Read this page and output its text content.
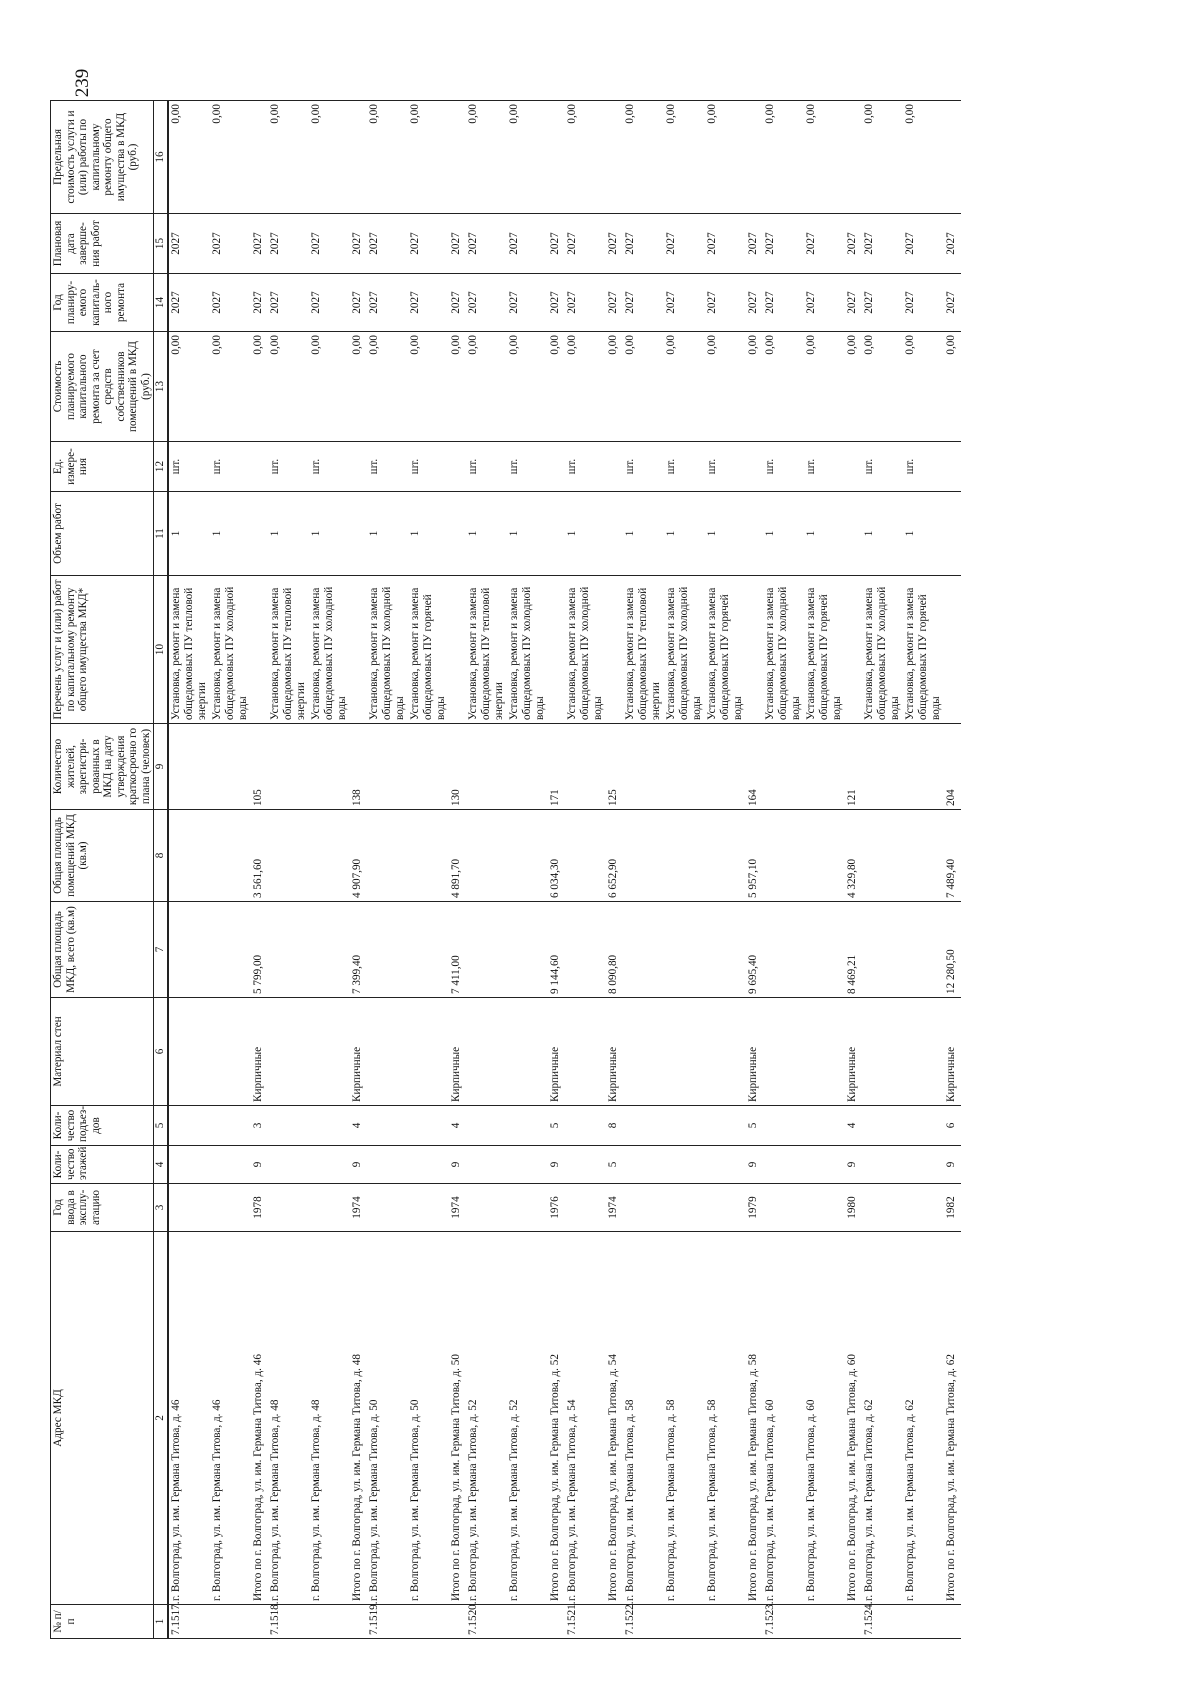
239
№ п/п	Адрес МКД	Год ввода в эксплу-атацию	Коли-чество этажей	Коли-чество подъез-дов	Материал стен	Общая площадь МКД, всего (кв.м)	Общая площадь помещений МКД (кв.м)	Количество жителей, зарегистри-рованных в МКД на дату утверждения краткосрочно го плана (человек)	Перечень услуг и (или) работ по капитальному ремонту общего имущества МКД*	Объем работ	Ед. измере-ния	Стоимость планируемого капитального ремонта за счет средств собственников помещений в МКД (руб.)	Год планиру-емого капиталь-ного ремонта	Плановая дата заверше-ния работ	Предельная стоимость услуги и (или) работы по капитальному ремонту общего имущества в МКД (руб.)
1	2	3	4	5	6	7	8	9	10	11	12	13	14	15	16
7.1517.	г. Волгоград, ул. им. Германа Титова, д. 46								Установка, ремонт и замена общедомовых ПУ тепловой энергии	1	шт.	0,00	2027	2027	0,00
	г. Волгоград, ул. им. Германа Титова, д. 46								Установка, ремонт и замена общедомовых ПУ холодной воды	1	шт.	0,00	2027	2027	0,00
	Итого по г. Волгоград, ул. им. Германа Титова, д. 46	1978	9	3	Кирпичные	5 799,00	3 561,60	105				0,00	2027	2027	

7.1518.	г. Волгоград, ул. им. Германа Титова, д. 48								Установка, ремонт и замена общедомовых ПУ тепловой энергии	1	шт.	0,00	2027	2027	0,00
	г. Волгоград, ул. им. Германа Титова, д. 48								Установка, ремонт и замена общедомовых ПУ холодной воды	1	шт.	0,00	2027	2027	0,00
	Итого по г. Волгоград, ул. им. Германа Титова, д. 48	1974	9	4	Кирпичные	7 399,40	4 907,90	138				0,00	2027	2027	

7.1519.	г. Волгоград, ул. им. Германа Титова, д. 50								Установка, ремонт и замена общедомовых ПУ холодной воды	1	шт.	0,00	2027	2027	0,00
	г. Волгоград, ул. им. Германа Титова, д. 50								Установка, ремонт и замена общедомовых ПУ горячей воды	1	шт.	0,00	2027	2027	0,00
	Итого по г. Волгоград, ул. им. Германа Титова, д. 50	1974	9	4	Кирпичные	7 411,00	4 891,70	130				0,00	2027	2027	

7.1520.	г. Волгоград, ул. им. Германа Титова, д. 52								Установка, ремонт и замена общедомовых ПУ тепловой энергии	1	шт.	0,00	2027	2027	0,00
	г. Волгоград, ул. им. Германа Титова, д. 52								Установка, ремонт и замена общедомовых ПУ холодной воды	1	шт.	0,00	2027	2027	0,00
	Итого по г. Волгоград, ул. им. Германа Титова, д. 52	1976	9	5	Кирпичные	9 144,60	6 034,30	171				0,00	2027	2027	

7.1521.	г. Волгоград, ул. им. Германа Титова, д. 54								Установка, ремонт и замена общедомовых ПУ холодной воды	1	шт.	0,00	2027	2027	0,00
	Итого по г. Волгоград, ул. им. Германа Титова, д. 54	1974	5	8	Кирпичные	8 090,80	6 652,90	125				0,00	2027	2027	

7.1522.	г. Волгоград, ул. им. Германа Титова, д. 58								Установка, ремонт и замена общедомовых ПУ тепловой энергии	1	шт.	0,00	2027	2027	0,00
	г. Волгоград, ул. им. Германа Титова, д. 58								Установка, ремонт и замена общедомовых ПУ холодной воды	1	шт.	0,00	2027	2027	0,00
	г. Волгоград, ул. им. Германа Титова, д. 58								Установка, ремонт и замена общедомовых ПУ горячей воды	1	шт.	0,00	2027	2027	0,00
	Итого по г. Волгоград, ул. им. Германа Титова, д. 58	1979	9	5	Кирпичные	9 695,40	5 957,10	164				0,00	2027	2027	

7.1523.	г. Волгоград, ул. им. Германа Титова, д. 60								Установка, ремонт и замена общедомовых ПУ холодной воды	1	шт.	0,00	2027	2027	0,00
	г. Волгоград, ул. им. Германа Титова, д. 60								Установка, ремонт и замена общедомовых ПУ горячей воды	1	шт.	0,00	2027	2027	0,00
	Итого по г. Волгоград, ул. им. Германа Титова, д. 60	1980	9	4	Кирпичные	8 469,21	4 329,80	121				0,00	2027	2027	

7.1524.	г. Волгоград, ул. им. Германа Титова, д. 62								Установка, ремонт и замена общедомовых ПУ холодной воды	1	шт.	0,00	2027	2027	0,00
	г. Волгоград, ул. им. Германа Титова, д. 62								Установка, ремонт и замена общедомовых ПУ горячей воды	1	шт.	0,00	2027	2027	0,00
	Итого по г. Волгоград, ул. им. Германа Титова, д. 62	1982	9	6	Кирпичные	12 280,50	7 489,40	204				0,00	2027	2027	
